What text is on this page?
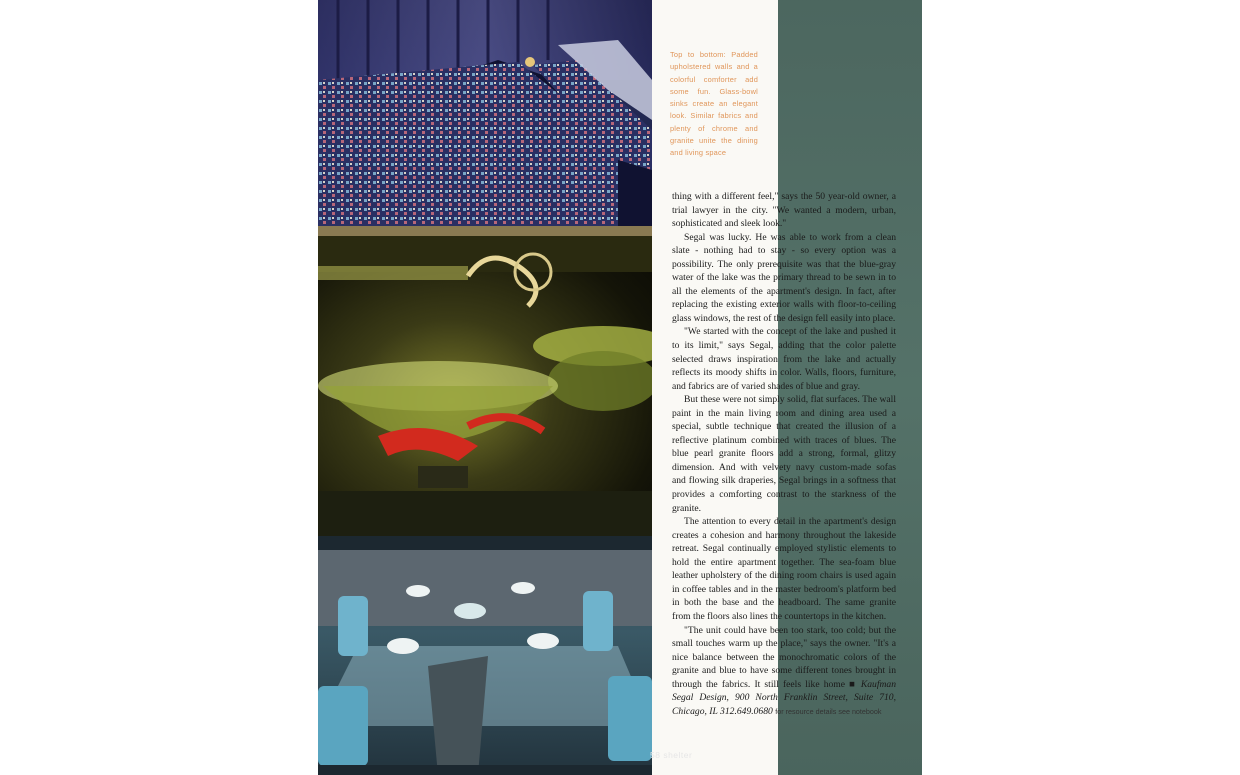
Top to bottom: Padded upholstered walls and a colorful comforter add some fun. Glass-bowl sinks create an elegant look. Similar fabrics and plenty of chrome and granite unite the dining and living space

thing with a different feel," says the 50 year-old owner, a trial lawyer in the city. "We wanted a modern, urban, sophisticated and sleek look."

Segal was lucky. He was able to work from a clean slate - nothing had to stay - so every option was a possibility. The only prerequisite was that the blue-gray water of the lake was the primary thread to be sewn in to all the elements of the apartment's design. In fact, after replacing the existing exterior walls with floor-to-ceiling glass windows, the rest of the design fell easily into place.

"We started with the concept of the lake and pushed it to its limit," says Segal, adding that the color palette selected draws inspiration from the lake and actually reflects its moody shifts in color. Walls, floors, furniture, and fabrics are of varied shades of blue and gray.

But these were not simply solid, flat surfaces. The wall paint in the main living room and dining area used a special, subtle technique that created the illusion of a reflective platinum combined with traces of blues. The blue pearl granite floors add a strong, formal, glitzy dimension. And with velvety navy custom-made sofas and flowing silk draperies, Segal brings in a softness that provides a comforting contrast to the starkness of the granite.

The attention to every detail in the apartment's design creates a cohesion and harmony throughout the lakeside retreat. Segal continually employed stylistic elements to hold the entire apartment together. The sea-foam blue leather upholstery of the dining room chairs is used again in coffee tables and in the master bedroom's platform bed in both the base and the headboard. The same granite from the floors also lines the countertops in the kitchen.

"The unit could have been too stark, too cold; but the small touches warm up the place," says the owner. "It's a nice balance between the monochromatic colors of the granite and blue to have some different tones brought in through the fabrics. It still feels like home ■ Kaufman Segal Design, 900 North Franklin Street, Suite 710, Chicago, IL 312.649.0680 for resource details see notebook

58 shelter
